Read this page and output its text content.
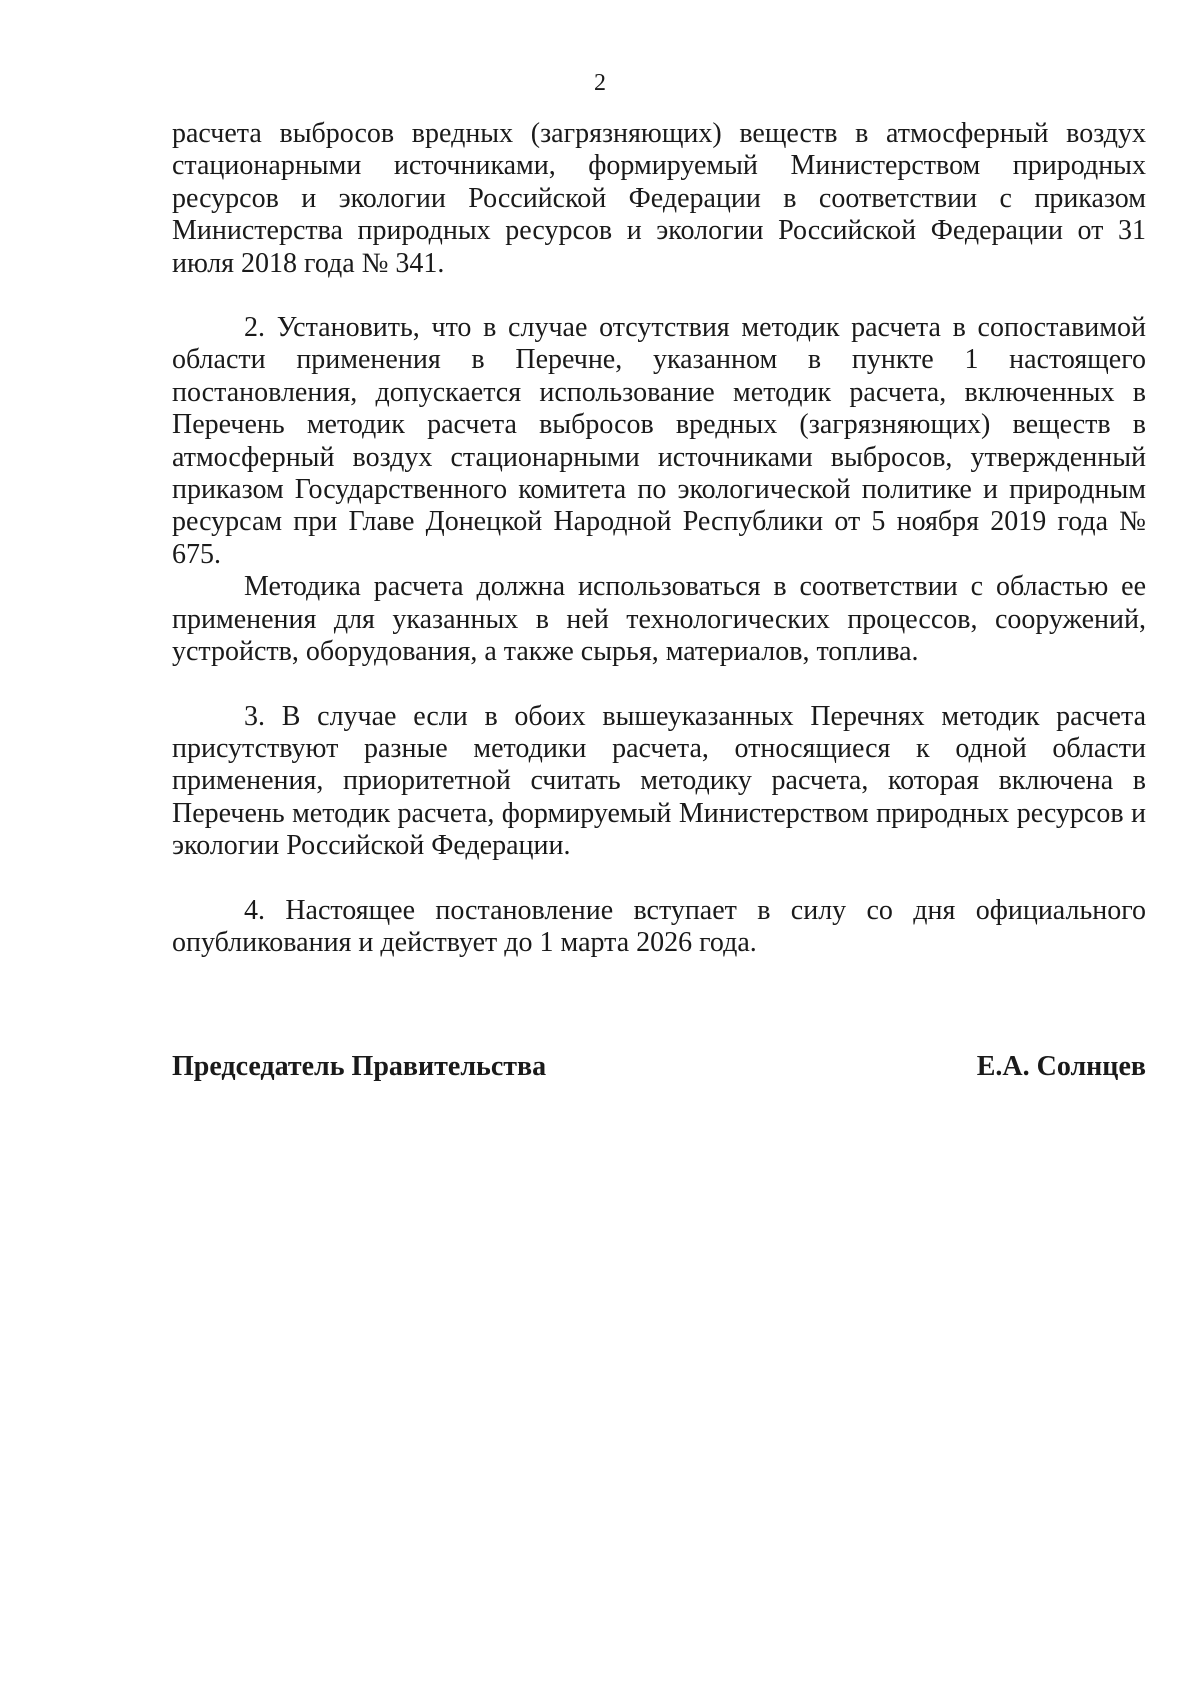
2

расчета выбросов вредных (загрязняющих) веществ в атмосферный воздух стационарными источниками, формируемый Министерством природных ресурсов и экологии Российской Федерации в соответствии с приказом Министерства природных ресурсов и экологии Российской Федерации от 31 июля 2018 года № 341.

2. Установить, что в случае отсутствия методик расчета в сопоставимой области применения в Перечне, указанном в пункте 1 настоящего постановления, допускается использование методик расчета, включенных в Перечень методик расчета выбросов вредных (загрязняющих) веществ в атмосферный воздух стационарными источниками выбросов, утвержденный приказом Государственного комитета по экологической политике и природным ресурсам при Главе Донецкой Народной Республики от 5 ноября 2019 года № 675.

Методика расчета должна использоваться в соответствии с областью ее применения для указанных в ней технологических процессов, сооружений, устройств, оборудования, а также сырья, материалов, топлива.

3. В случае если в обоих вышеуказанных Перечнях методик расчета присутствуют разные методики расчета, относящиеся к одной области применения, приоритетной считать методику расчета, которая включена в Перечень методик расчета, формируемый Министерством природных ресурсов и экологии Российской Федерации.

4. Настоящее постановление вступает в силу со дня официального опубликования и действует до 1 марта 2026 года.

Председатель Правительства	Е.А. Солнцев
